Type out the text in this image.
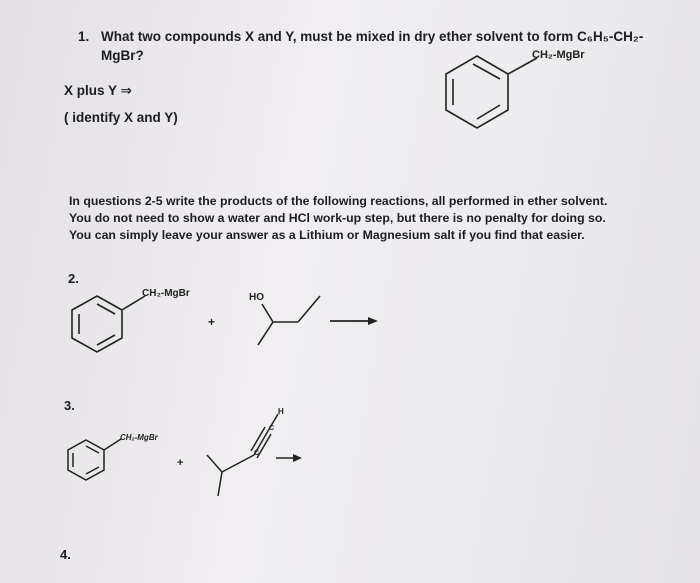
1. What two compounds X and Y, must be mixed in dry ether solvent to form C₆H₅-CH₂-
MgBr?
X plus Y ⇒
( identify X and Y)
In questions 2-5 write the products of the following reactions, all performed in ether solvent.
You do not need to show a water and HCl work-up step, but there is no penalty for doing so.
You can simply leave your answer as a Lithium or Magnesium salt if you find that easier.
2.
3.
4.
CH₂-MgBr
CH₂-MgBr
+
HO
CH₂-MgBr
+
H
C
C
